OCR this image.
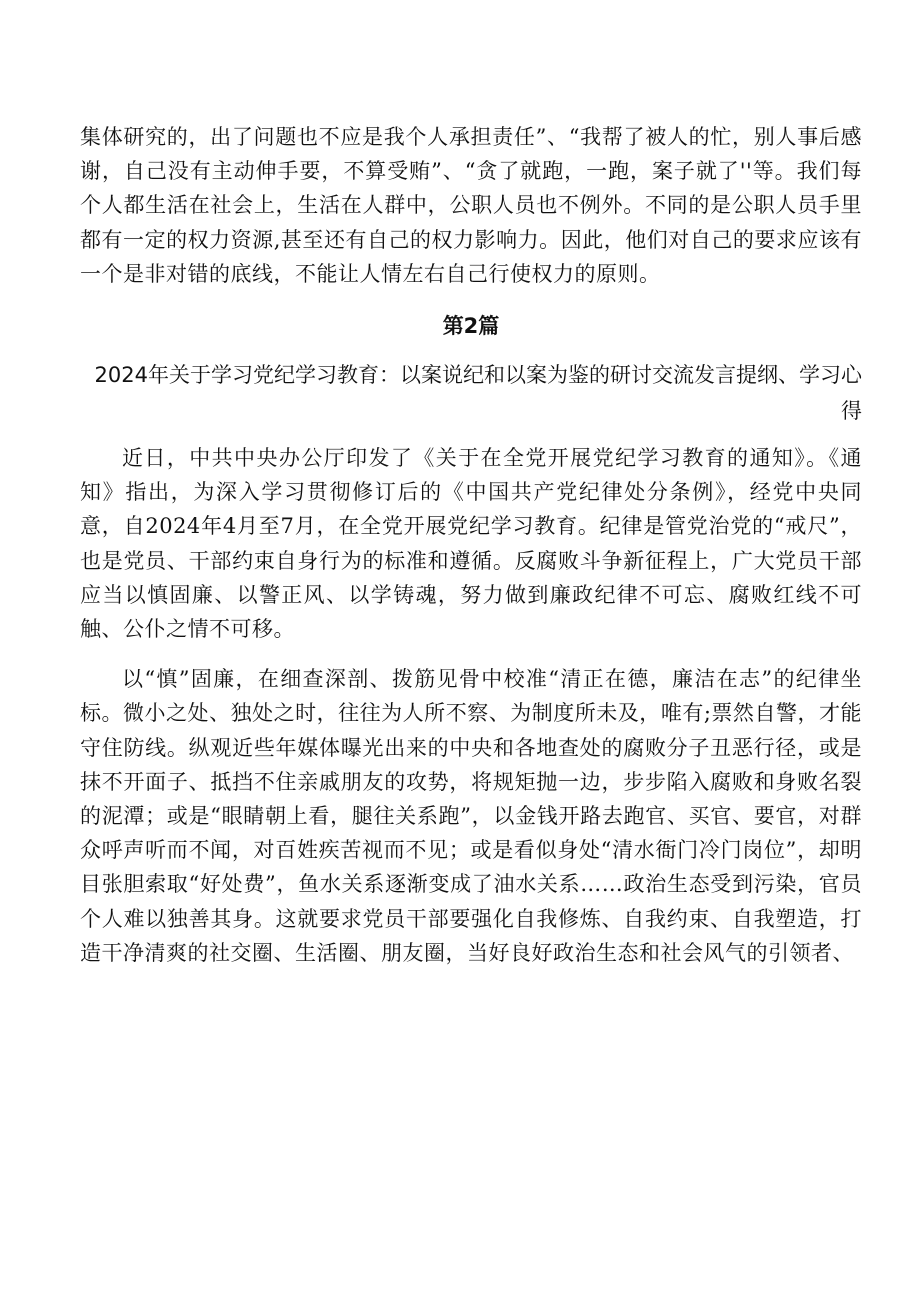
集体研究的，出了问题也不应是我个人承担责任”、“我帮了被人的忙，别人事后感谢，自己没有主动伸手要，不算受贿”、“贪了就跑，一跑，案子就了''等。我们每个人都生活在社会上，生活在人群中，公职人员也不例外。不同的是公职人员手里都有一定的权力资源,甚至还有自己的权力影响力。因此，他们对自己的要求应该有一个是非对错的底线，不能让人情左右自己行使权力的原则。

第2篇

2024年关于学习党纪学习教育：以案说纪和以案为鉴的研讨交流发言提纲、学习心得

近日，中共中央办公厅印发了《关于在全党开展党纪学习教育的通知》。《通知》指出，为深入学习贯彻修订后的《中国共产党纪律处分条例》，经党中央同意，自2024年4月至7月，在全党开展党纪学习教育。纪律是管党治党的“戒尺”，也是党员、干部约束自身行为的标准和遵循。反腐败斗争新征程上，广大党员干部应当以慎固廉、以警正风、以学铸魂，努力做到廉政纪律不可忘、腐败红线不可触、公仆之情不可移。

以“慎”固廉，在细查深剖、拨筋见骨中校准“清正在德，廉洁在志”的纪律坐标。微小之处、独处之时，往往为人所不察、为制度所未及，唯有;票然自警，才能守住防线。纵观近些年媒体曝光出来的中央和各地查处的腐败分子丑恶行径，或是抹不开面子、抵挡不住亲戚朋友的攻势，将规矩抛一边，步步陷入腐败和身败名裂的泥潭；或是“眼睛朝上看，腿往关系跑”，以金钱开路去跑官、买官、要官，对群众呼声听而不闻，对百姓疾苦视而不见；或是看似身处“清水衙门冷门岗位”，却明目张胆索取“好处费”，鱼水关系逐渐变成了油水关系……政治生态受到污染，官员个人难以独善其身。这就要求党员干部要强化自我修炼、自我约束、自我塑造，打造干净清爽的社交圈、生活圈、朋友圈，当好良好政治生态和社会风气的引领者、
